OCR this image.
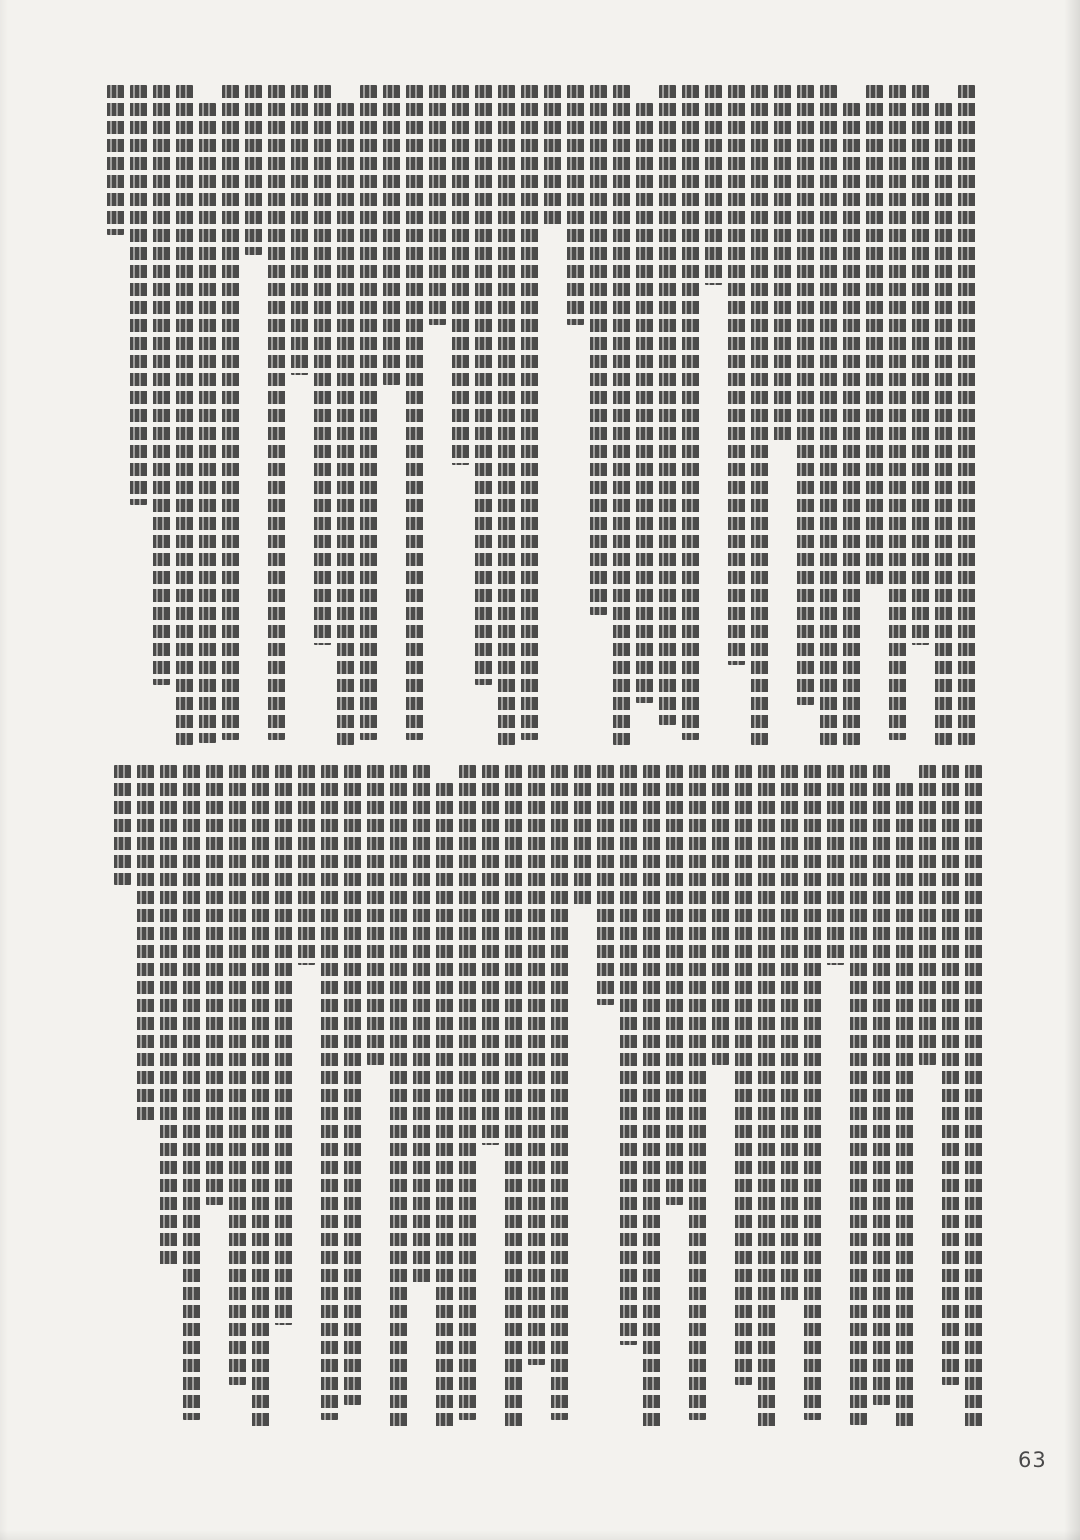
63
